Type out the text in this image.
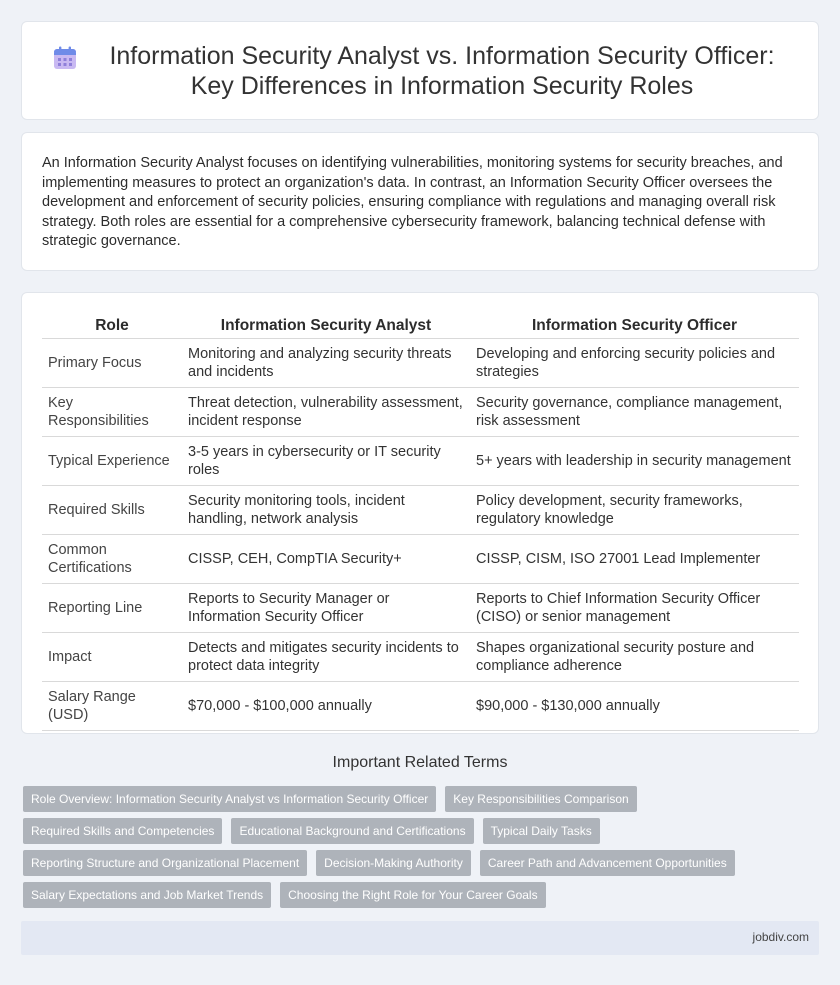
Information Security Analyst vs. Information Security Officer: Key Differences in Information Security Roles

An Information Security Analyst focuses on identifying vulnerabilities, monitoring systems for security breaches, and implementing measures to protect an organization's data. In contrast, an Information Security Officer oversees the development and enforcement of security policies, ensuring compliance with regulations and managing overall risk strategy. Both roles are essential for a comprehensive cybersecurity framework, balancing technical defense with strategic governance.

Role	Information Security Analyst	Information Security Officer
Primary Focus	Monitoring and analyzing security threats and incidents	Developing and enforcing security policies and strategies
Key Responsibilities	Threat detection, vulnerability assessment, incident response	Security governance, compliance management, risk assessment
Typical Experience	3-5 years in cybersecurity or IT security roles	5+ years with leadership in security management
Required Skills	Security monitoring tools, incident handling, network analysis	Policy development, security frameworks, regulatory knowledge
Common Certifications	CISSP, CEH, CompTIA Security+	CISSP, CISM, ISO 27001 Lead Implementer
Reporting Line	Reports to Security Manager or Information Security Officer	Reports to Chief Information Security Officer (CISO) or senior management
Impact	Detects and mitigates security incidents to protect data integrity	Shapes organizational security posture and compliance adherence
Salary Range (USD)	$70,000 - $100,000 annually	$90,000 - $130,000 annually
Important Related Terms
Role Overview: Information Security Analyst vs Information Security Officer	Key Responsibilities Comparison
Required Skills and Competencies	Educational Background and Certifications	Typical Daily Tasks
Reporting Structure and Organizational Placement	Decision-Making Authority	Career Path and Advancement Opportunities
Salary Expectations and Job Market Trends	Choosing the Right Role for Your Career Goals
jobdiv.com
